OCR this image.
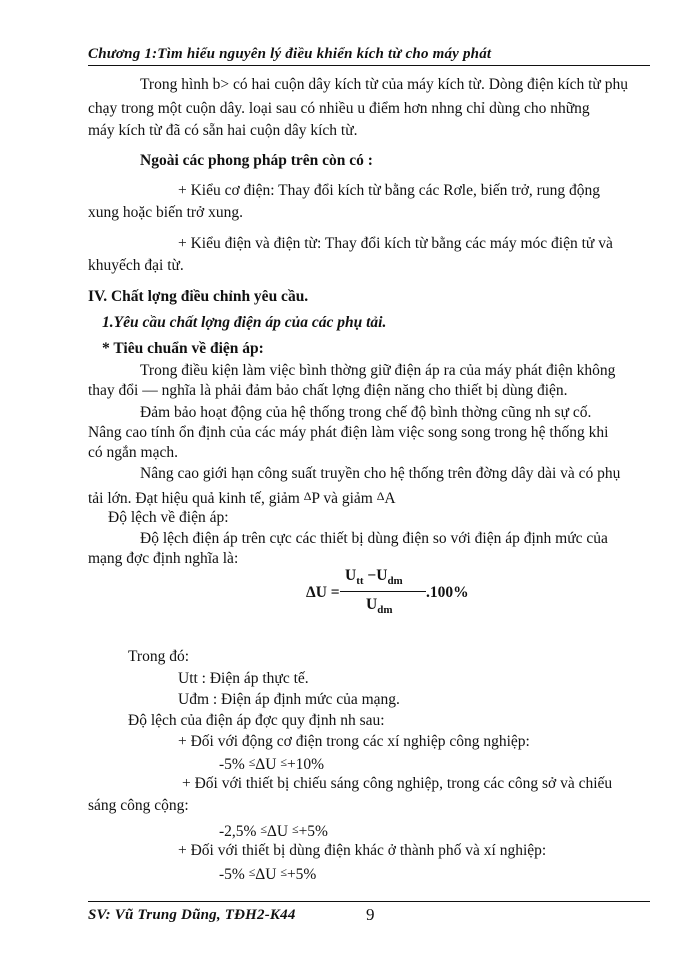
Chương 1:Tìm hiểu nguyên lý điều khiển kích từ cho máy phát
Trong hình b> có hai cuộn dây kích từ của máy kích từ. Dòng điện kích từ phụ
chạy trong một cuộn dây. loại sau có nhiều u điểm hơn nhng chỉ dùng cho những
máy kích từ đã có sẵn hai cuộn dây kích từ.
Ngoài các phong pháp trên còn có :
+ Kiểu cơ điện: Thay đổi kích từ bằng các Rơle, biến trở, rung động
xung hoặc biến trở xung.
+ Kiểu điện và điện từ: Thay đổi kích từ bằng các máy móc điện tử và
khuyếch đại từ.
IV. Chất lợng điều chỉnh yêu cầu.
1.Yêu cầu chất lợng điện áp của các phụ tải.
* Tiêu chuẩn về điện áp:
Trong điều kiện làm việc bình thờng giữ điện áp ra của máy phát điện không
thay đổi — nghĩa là phải đảm bảo chất lợng điện năng cho thiết bị dùng điện.
Đảm bảo hoạt động của hệ thống trong chế độ bình thờng cũng nh sự cố.
Nâng cao tính ổn định của các máy phát điện làm việc song song trong hệ thống khi
có ngắn mạch.
Nâng cao giới hạn công suất truyền cho hệ thống trên đờng dây dài và có phụ
tải lớn. Đạt hiệu quả kinh tế, giảm ΔP và giảm ΔA
Độ lệch về điện áp:
Độ lệch điện áp trên cực các thiết bị dùng điện so với điện áp định mức của
mạng đợc định nghĩa là:
ΔU =
$U_{tt} -U_{dm}$
$U_{dm}$
.100%
Trong đó:
Utt : Điện áp thực tế.
Uđm : Điện áp định mức của mạng.
Độ lệch của điện áp đợc quy định nh sau:
+ Đối với động cơ điện trong các xí nghiệp công nghiệp:
-5% ≤ΔU ≤+10%
+ Đối với thiết bị chiếu sáng công nghiệp, trong các công sở và chiếu
sáng công cộng:
-2,5% ≤ΔU ≤+5%
+ Đối với thiết bị dùng điện khác ở thành phố và xí nghiệp:
-5% ≤ΔU ≤+5%
SV: Vũ Trung Dũng, TĐH2-K44	9
